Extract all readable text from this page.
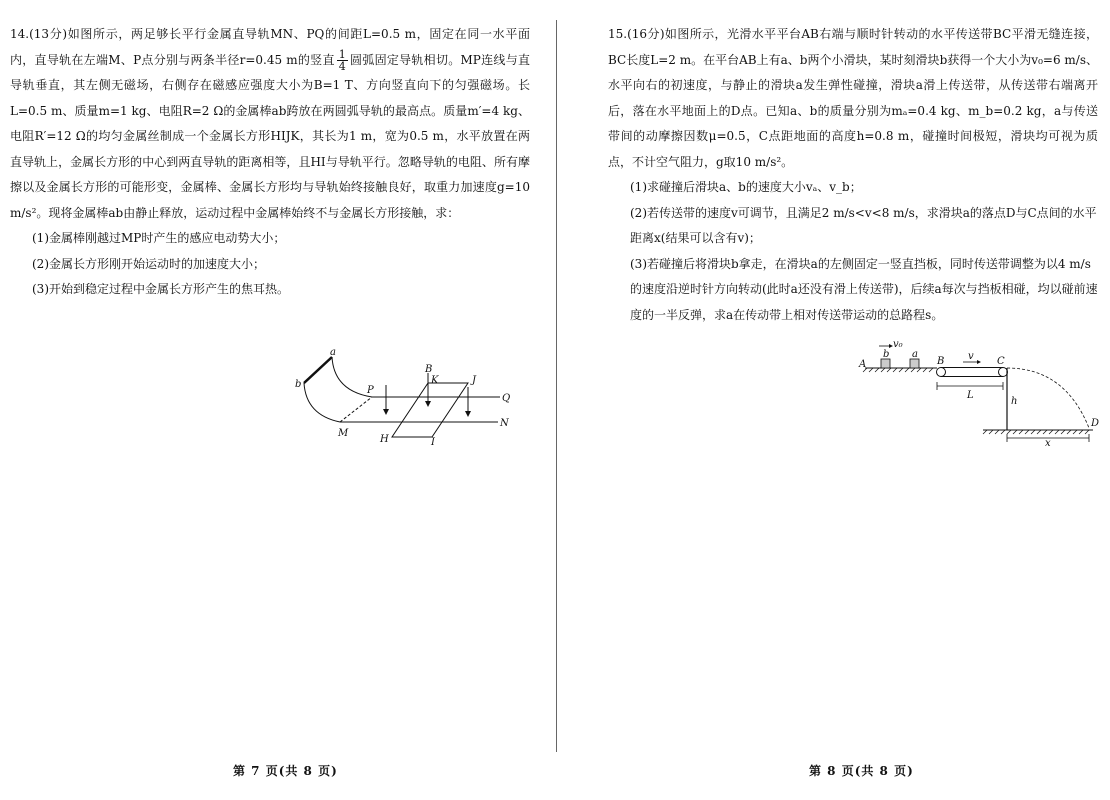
14.(13分)如图所示，两足够长平行金属直导轨MN、PQ的间距L=0.5 m，固定在同一水平面内，直导轨在左端M、P点分别与两条半径r=0.45 m的竖直 $\frac{1}{4}$ 圆弧固定导轨相切。MP连线与直导轨垂直，其左侧无磁场，右侧存在磁感应强度大小为B=1 T、方向竖直向下的匀强磁场。长L=0.5 m、质量m=1 kg、电阻R=2 Ω的金属棒ab跨放在两圆弧导轨的最高点。质量m′=4 kg、电阻R′=12 Ω的均匀金属丝制成一个金属长方形HIJK，其长为1 m，宽为0.5 m，水平放置在两直导轨上，金属长方形的中心到两直导轨的距离相等，且HI与导轨平行。忽略导轨的电阻、所有摩擦以及金属长方形的可能形变，金属棒、金属长方形均与导轨始终接触良好，取重力加速度g=10 m/s²。现将金属棒ab由静止释放，运动过程中金属棒始终不与金属长方形接触，求：

(1)金属棒刚越过MP时产生的感应电动势大小；

(2)金属长方形刚开始运动时的加速度大小；

(3)开始到稳定过程中金属长方形产生的焦耳热。

a
b
P
Q
M
N
B
K	J
H	I

15.(16分)如图所示，光滑水平平台AB右端与顺时针转动的水平传送带BC平滑无缝连接，BC长度L=2 m。在平台AB上有a、b两个小滑块，某时刻滑块b获得一个大小为v₀=6 m/s、水平向右的初速度，与静止的滑块a发生弹性碰撞，滑块a滑上传送带，从传送带右端离开后，落在水平地面上的D点。已知a、b的质量分别为mₐ=0.4 kg、m_b=0.2 kg，a与传送带间的动摩擦因数μ=0.5，C点距地面的高度h=0.8 m，碰撞时间极短，滑块均可视为质点，不计空气阻力，g取10 m/s²。

(1)求碰撞后滑块a、b的速度大小vₐ、v_b；

(2)若传送带的速度v可调节，且满足2 m/s<v<8 m/s，求滑块a的落点D与C点间的水平距离x(结果可以含有v)；

(3)若碰撞后将滑块b拿走，在滑块a的左侧固定一竖直挡板，同时传送带调整为以4 m/s的速度沿逆时针方向转动(此时a还没有滑上传送带)，后续a每次与挡板相碰，均以碰前速度的一半反弹，求a在传动带上相对传送带运动的总路程s。

v₀
b a
A	B v C
L
h
D
x
第 7 页(共 8 页)	第 8 页(共 8 页)
